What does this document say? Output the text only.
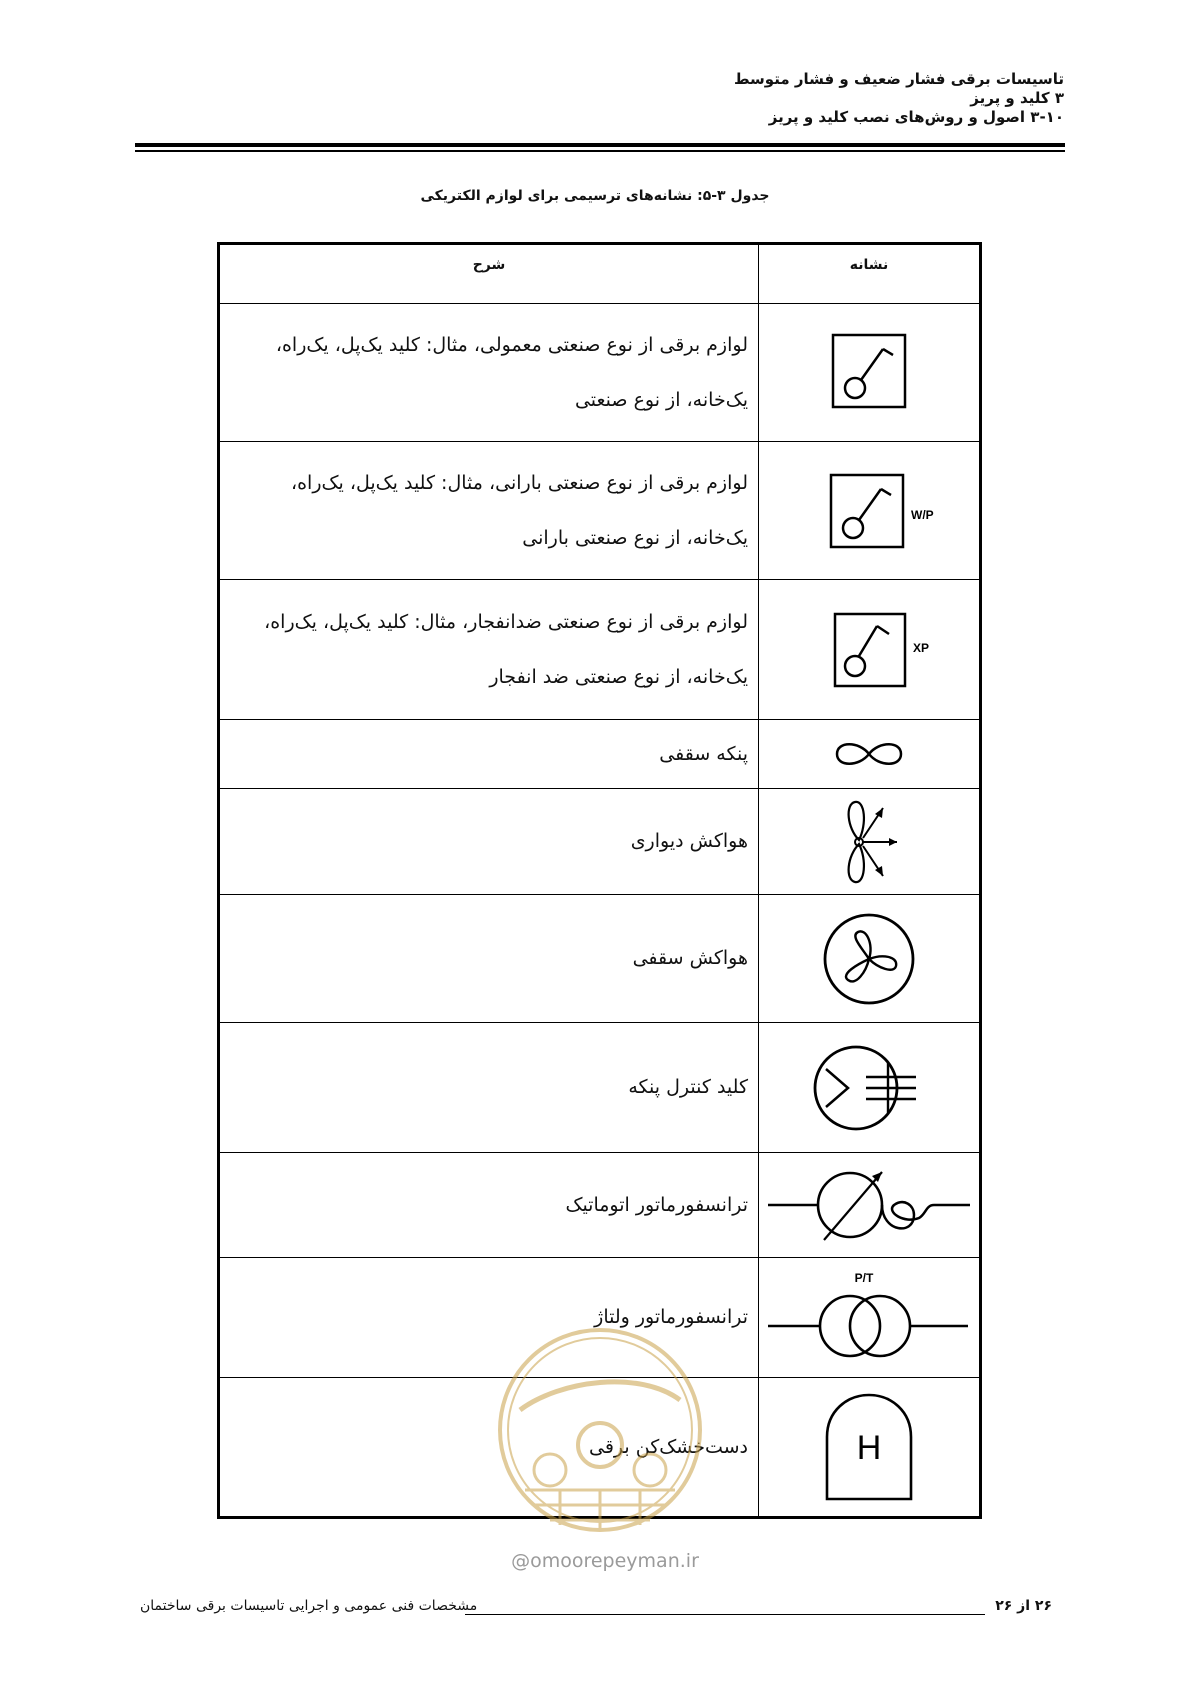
تاسیسات برقی فشار ضعیف و فشار متوسط
۳ کلید و پریز
۳-۱۰ اصول و روش‌های نصب کلید و پریز
جدول ۳-۵: نشانه‌های ترسیمی برای لوازم الکتریکی
شرح	نشانه
لوازم برقی از نوع صنعتی معمولی، مثال: کلید یک‌پل، یک‌راه، یک‌خانه، از نوع صنعتی	

لوازم برقی از نوع صنعتی بارانی، مثال: کلید یک‌پل، یک‌راه، یک‌خانه، از نوع صنعتی بارانی	W/P

لوازم برقی از نوع صنعتی ضدانفجار، مثال: کلید یک‌پل، یک‌راه، یک‌خانه، از نوع صنعتی ضد انفجار	XP

پنکه سقفی	

هواکش دیواری	

هواکش سقفی	

کلید کنترل پنکه	

ترانسفورماتور اتوماتیک	

ترانسفورماتور ولتاژ	P/T

دست‌خشک‌کن برقی	H
@omoorepeyman.ir
مشخصات فنی عمومی و اجرایی تاسیسات برقی ساختمان	۲۶ از ۲۶
